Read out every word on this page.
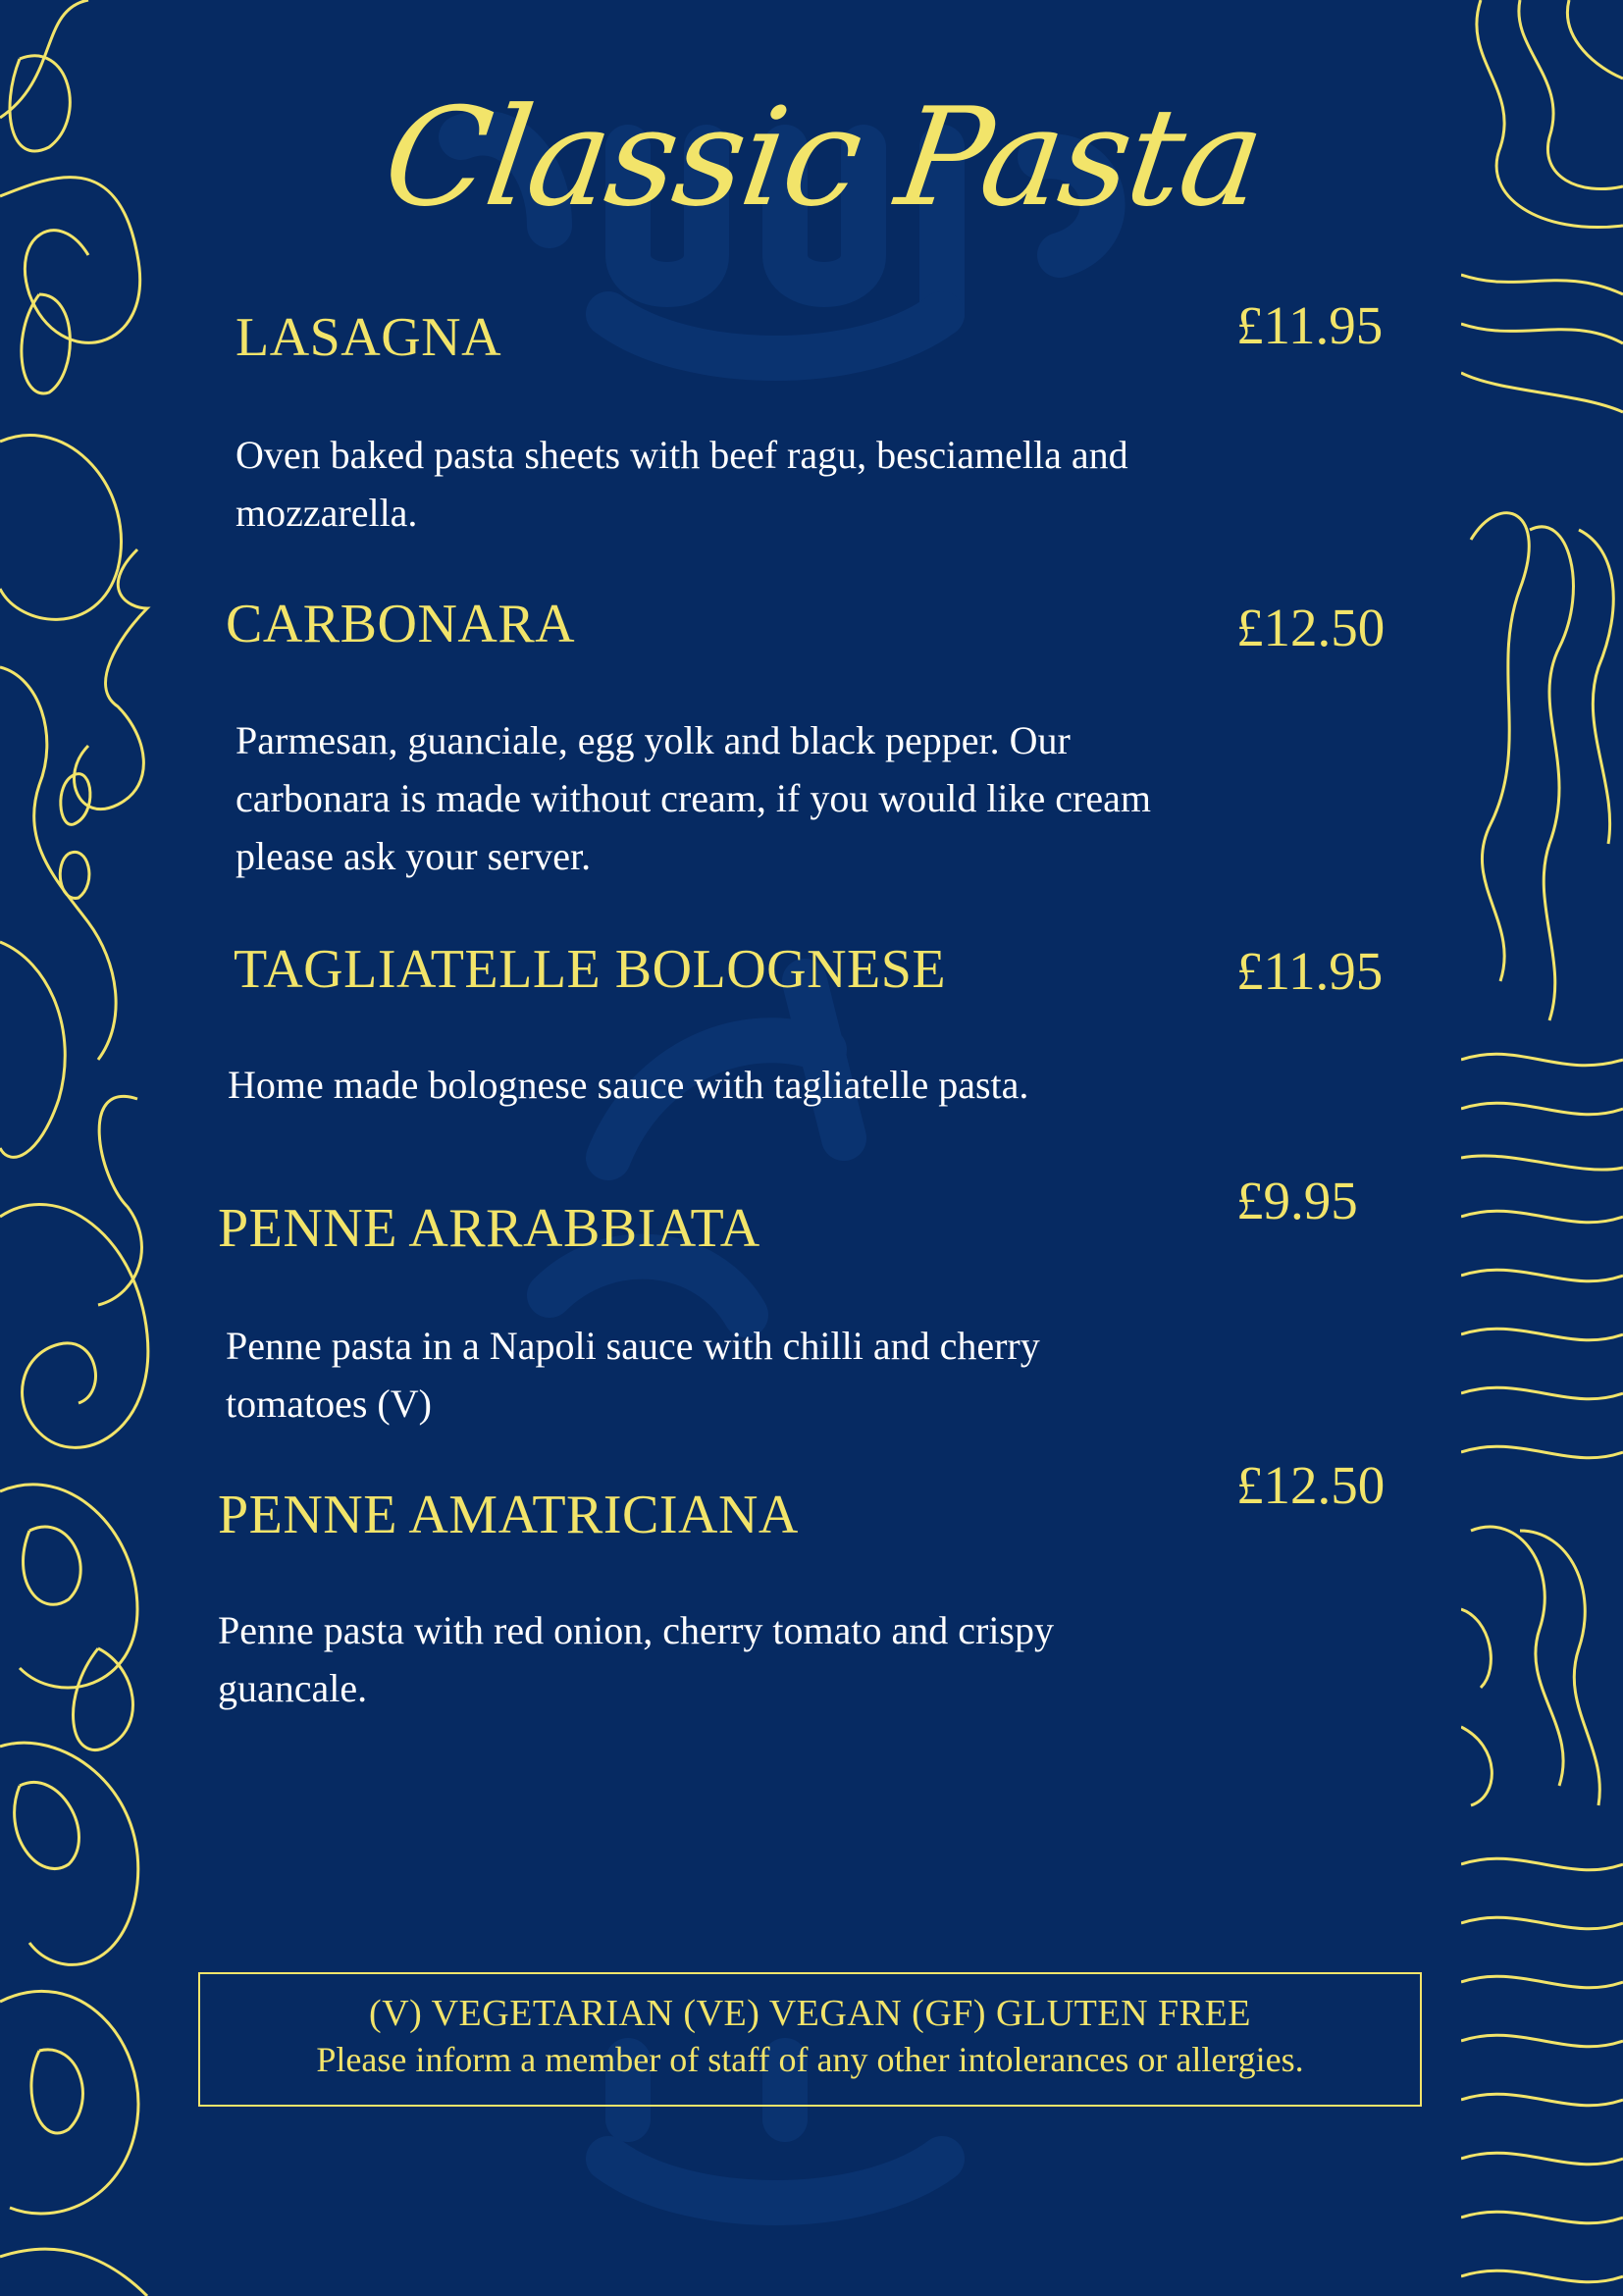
Classic Pasta
LASAGNA	£11.95
Oven baked pasta sheets with beef ragu, besciamella and mozzarella.
CARBONARA	£12.50
Parmesan, guanciale, egg yolk and black pepper. Our carbonara is made without cream, if you would like cream please ask your server.
TAGLIATELLE BOLOGNESE	£11.95
Home made bolognese sauce with tagliatelle pasta.
PENNE ARRABBIATA	£9.95
Penne pasta in a Napoli sauce with chilli and cherry tomatoes (V)
PENNE AMATRICIANA	£12.50
Penne pasta with red onion, cherry tomato and crispy guancale.
(V) VEGETARIAN (VE) VEGAN (GF) GLUTEN FREE
Please inform a member of staff of any other intolerances or allergies.
